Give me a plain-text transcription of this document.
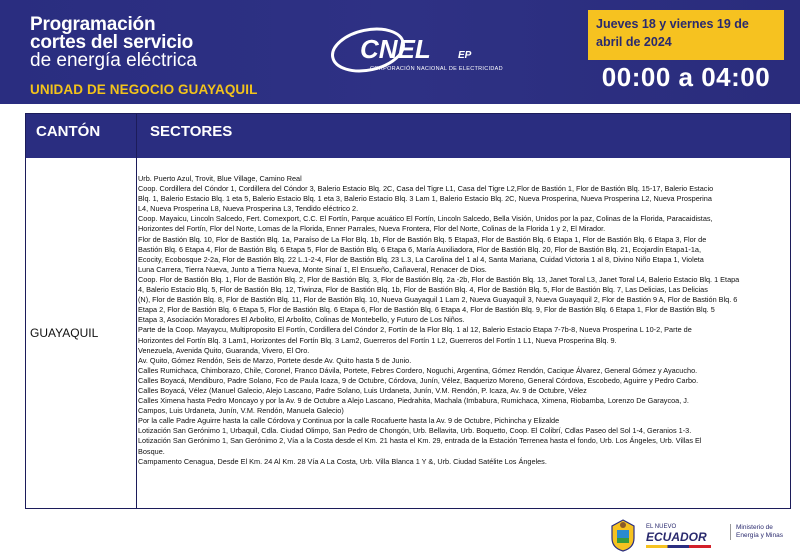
Programación
cortes del servicio
de energía eléctrica
UNIDAD DE NEGOCIO GUAYAQUIL
CNEL	EP
CORPORACIÓN NACIONAL DE ELECTRICIDAD
Jueves 18 y viernes 19 de
abril de 2024
00:00 a 04:00
CANTÓN	SECTORES
GUAYAQUIL
Urb. Puerto Azul, Trovit, Blue Village, Camino Real
Coop. Cordillera del Cóndor 1, Cordillera del Cóndor 3, Balerio Estacio Blq. 2C, Casa del Tigre L1, Casa del Tigre L2,Flor de Bastión 1, Flor de Bastión Blq. 15-17, Balerio Estacio
Blq. 1, Balerio Estacio Blq. 1 eta 5, Balerio Estacio Blq. 1 eta 3, Balerio Estacio Blq. 3 Lam 1, Balerio Estacio Blq. 2C, Nueva Prosperina, Nueva Prosperina L2, Nueva Prosperina
L4, Nueva Prosperina L8, Nueva Prosperina L3, Tendido eléctrico 2.
Coop. Mayaicu, Lincoln Salcedo, Fert. Comexport, C.C. El Fortín, Parque acuático El Fortín, Lincoln Salcedo, Bella Visión, Unidos por la paz, Colinas de la Florida, Paracaidistas,
Horizontes del Fortín, Flor del Norte, Lomas de la Florida, Enner Parrales, Nueva Frontera, Flor del Norte, Colinas de la Florida 1 y 2, El Mirador.
Flor de Bastión Blq. 10, Flor de Bastión Blq. 1a, Paraíso de La Flor Blq. 1b, Flor de Bastión Blq. 5 Etapa3, Flor de Bastión Blq. 6 Etapa 1, Flor de Bastión Blq. 6 Etapa 3, Flor de
Bastión Blq. 6 Etapa 4, Flor de Bastión Blq. 6 Etapa 5, Flor de Bastión Blq. 6 Etapa 6, María Auxiliadora, Flor de Bastión Blq. 20, Flor de Bastión Blq. 21, Ecojardín Etapa1-1a,
Ecocity, Ecobosque 2-2a, Flor de Bastión Blq. 22 L.1-2-4, Flor de Bastión Blq. 23 L.3, La Carolina del 1 al 4, Santa Mariana, Cuidad Victoria 1 al 8, Divino Niño Etapa 1, Violeta
Luna Carrera, Tierra Nueva, Junto a Tierra Nueva, Monte Sinaí 1, El Ensueño, Cañaveral, Renacer de Dios.
Coop. Flor de Bastión Blq. 1, Flor de Bastión Blq. 2, Flor de Bastión Blq. 3, Flor de Bastión Blq. 2a -2b, Flor de Bastión Blq. 13, Janet Toral L3, Janet Toral L4, Balerio Estacio Blq. 1 Etapa
4, Balerio Estacio Blq. 5, Flor de Bastión Blq. 12, Tiwinza, Flor de Bastión Blq. 1b, Flor de Bastión Blq. 4, Flor de Bastión Blq. 5, Flor de Bastión Blq. 7, Las Delicias, Las Delicias
(N), Flor de Bastión Blq. 8, Flor de Bastión Blq. 11, Flor de Bastión Blq. 10, Nueva Guayaquil 1 Lam 2, Nueva Guayaquil 3, Nueva Guayaquil 2, Flor de Bastión 9 A, Flor de Bastión Blq. 6
Etapa 2, Flor de Bastión Blq. 6 Etapa 5, Flor de Bastión Blq. 6 Etapa 6, Flor de Bastión Blq. 6 Etapa 4, Flor de Bastión Blq. 9, Flor de Bastión Blq. 6 Etapa 1, Flor de Bastión Blq. 5
Etapa 3, Asociación Moradores El Arbolito, El Arbolito, Colinas de Montebello, y Futuro de Los Niños.
Parte de la Coop. Mayaycu, Multiproposito El Fortín, Cordillera del Cóndor 2, Fortín de la Flor Blq. 1 al 12, Balerio Estacio Etapa 7-7b-8, Nueva Prosperina L 10-2, Parte de
Horizontes del Fortín Blq. 3 Lam1, Horizontes del Fortín Blq. 3 Lam2, Guerreros del Fortín 1 L2, Guerreros del Fortín 1 L1, Nueva Prosperina Blq. 9.
Venezuela, Avenida Quito, Guaranda, Vivero, El Oro.
Av. Quito, Gómez Rendón, Seis de Marzo, Portete desde Av. Quito hasta 5 de Junio.
Calles Rumichaca, Chimborazo, Chile, Coronel, Franco Dávila, Portete, Febres Cordero, Noguchi, Argentina, Gómez Rendón, Cacique Álvarez, General Gómez y Ayacucho.
Calles Boyacá, Mendiburo, Padre Solano, Fco de Paula Icaza, 9 de Octubre, Córdova, Junín, Vélez, Baquerizo Moreno, General Córdova, Escobedo, Aguirre y Pedro Carbo.
Calles Boyacá, Vélez (Manuel Galecio, Alejo Lascano, Padre Solano, Luis Urdaneta, Junín, V.M. Rendón, P. Icaza, Av. 9 de Octubre, Vélez
Calles Ximena hasta Pedro Moncayo y por la Av. 9 de Octubre a Alejo Lascano, Piedrahita, Machala (Imbabura, Rumichaca, Ximena, Riobamba, Lorenzo De Garaycoa, J.
Campos, Luis Urdaneta, Junín, V.M. Rendón, Manuela Galecio)
Por la calle Padre Aguirre hasta la calle Córdova y Continua por la calle Rocafuerte hasta la Av. 9 de Octubre, Pichincha y Elizalde
Lotización San Gerónimo 1, Urbaquil, Cdla. Ciudad Olimpo, San Pedro de Chongón, Urb. Bellavita, Urb. Boquetto, Coop. El Colibrí, Cdlas Paseo del Sol 1-4, Geranios 1-3.
Lotización San Gerónimo 1, San Gerónimo 2, Vía a la Costa desde el Km. 21 hasta el Km. 29, entrada de la Estación Terrenea hasta el fondo, Urb. Los Ángeles, Urb. Villas El
Bosque.
Campamento Cenagua, Desde El Km. 24 Al Km. 28 Vía A La Costa, Urb. Villa Blanca 1 Y &, Urb. Ciudad Satélite Los Ángeles.
EL NUEVO
ECUADOR
Ministerio de
Energía y Minas
